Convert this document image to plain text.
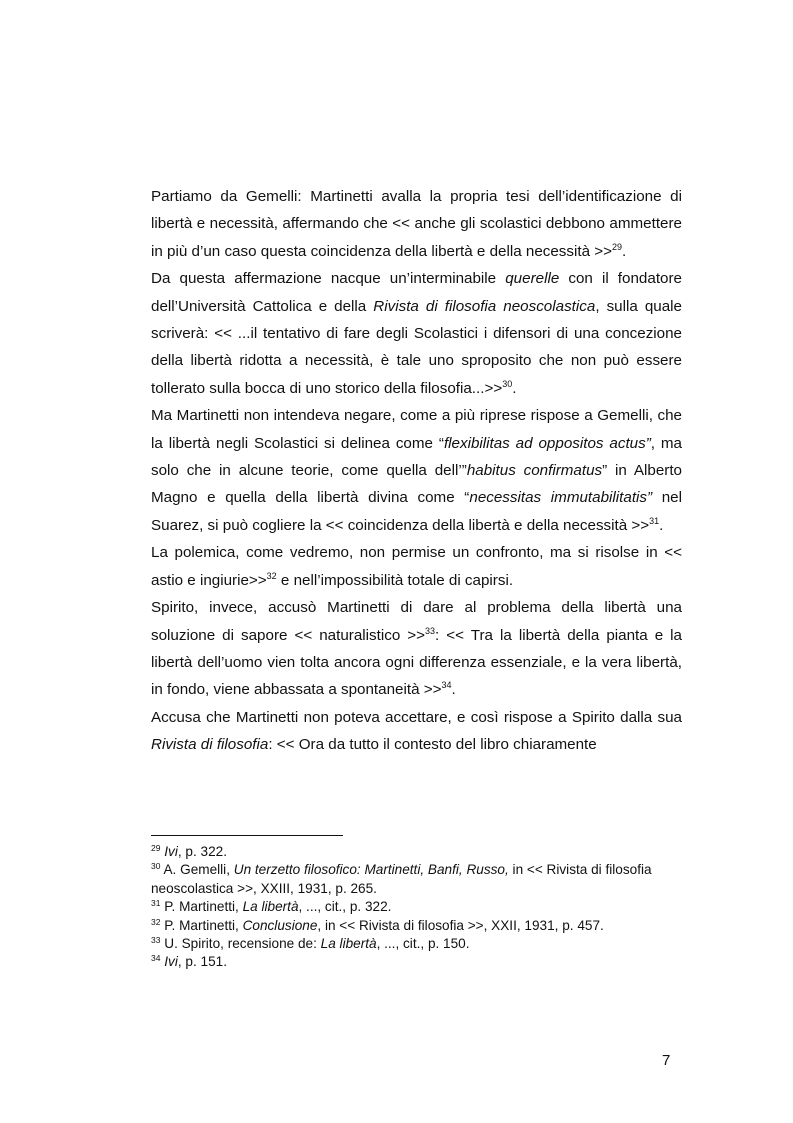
Partiamo da Gemelli: Martinetti avalla la propria tesi dell’identificazione di libertà e necessità, affermando che << anche gli scolastici debbono ammettere in più d’un caso questa coincidenza della libertà e della necessità >>$^{29}$.

Da questa affermazione nacque un’interminabile querelle con il fondatore dell’Università Cattolica e della Rivista di filosofia neoscolastica, sulla quale scriverà: << ...il tentativo di fare degli Scolastici i difensori di una concezione della libertà ridotta a necessità, è tale uno sproposito che non può essere tollerato sulla bocca di uno storico della filosofia...>>$^{30}$.

Ma Martinetti non intendeva negare, come a più riprese rispose a Gemelli, che la libertà negli Scolastici si delinea come “flexibilitas ad oppositos actus”, ma solo che in alcune teorie, come quella dell’”habitus confirmatus” in Alberto Magno e quella della libertà divina come “necessitas immutabilitatis” nel Suarez, si può cogliere la << coincidenza della libertà e della necessità >>$^{31}$.

La polemica, come vedremo, non permise un confronto, ma si risolse in << astio e ingiurie>>$^{32}$ e nell’impossibilità totale di capirsi.

Spirito, invece, accusò Martinetti di dare al problema della libertà una soluzione di sapore << naturalistico >>$^{33}$: << Tra la libertà della pianta e la libertà dell’uomo vien tolta ancora ogni differenza essenziale, e la vera libertà, in fondo, viene abbassata a spontaneità >>$^{34}$.

Accusa che Martinetti non poteva accettare, e così rispose a Spirito dalla sua Rivista di filosofia: << Ora da tutto il contesto del libro chiaramente

$^{29}$ Ivi, p. 322.

$^{30}$ A. Gemelli, Un terzetto filosofico: Martinetti, Banfi, Russo, in << Rivista di filosofia neoscolastica >>, XXIII, 1931, p. 265.

$^{31}$ P. Martinetti, La libertà, ..., cit., p. 322.

$^{32}$ P. Martinetti, Conclusione, in << Rivista di filosofia >>, XXII, 1931, p. 457.

$^{33}$ U. Spirito, recensione de: La libertà, ..., cit., p. 150.

$^{34}$ Ivi, p. 151.

7
